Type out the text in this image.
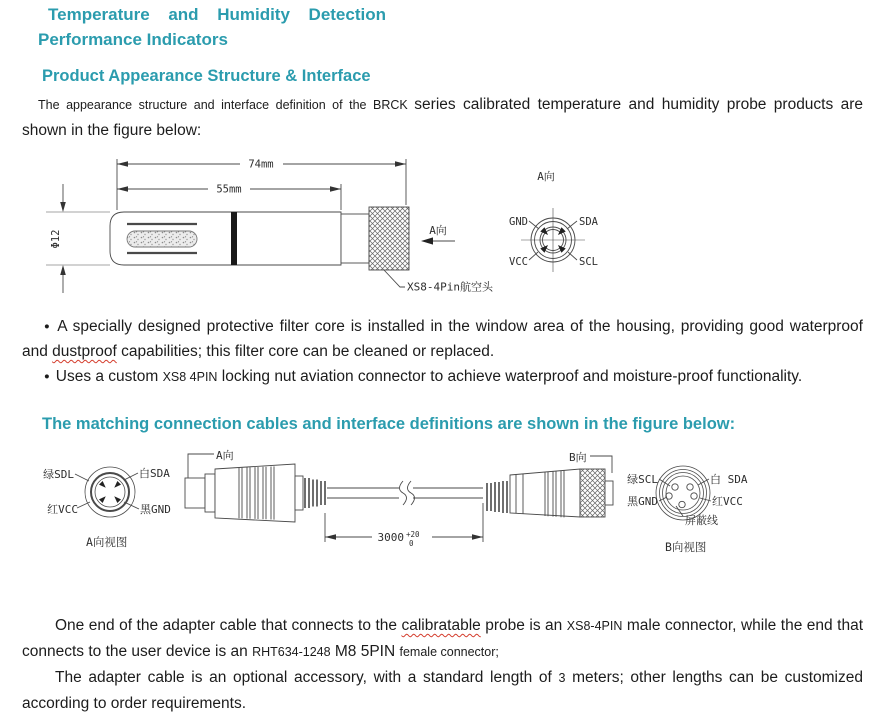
Temperature and Humidity Detection
Performance Indicators
Product Appearance Structure & Interface

The appearance structure and interface definition of the BRCK series calibrated temperature and humidity probe products are shown in the figure below:

74mm
55mm
Φ12
XS8-4Pin航空头
A向
A向
GND	SDA
VCC	SCL

● A specially designed protective filter core is installed in the window area of the housing, providing good waterproof and dustproof capabilities; this filter core can be cleaned or replaced.

● Uses a custom XS8 4PIN locking nut aviation connector to achieve waterproof and moisture-proof functionality.

The matching connection cables and interface definitions are shown in the figure below:
绿SDL	白SDA
红VCC	黑GND
A向视图
A向
3000 +20
0
B向
绿SCL	白 SDA
黑GND	红VCC
屏蔽线
B向视图

One end of the adapter cable that connects to the calibratable probe is an XS8-4PIN male connector, while the end that connects to the user device is an RHT634-1248 M8 5PIN female connector;

The adapter cable is an optional accessory, with a standard length of 3 meters; other lengths can be customized according to order requirements.
